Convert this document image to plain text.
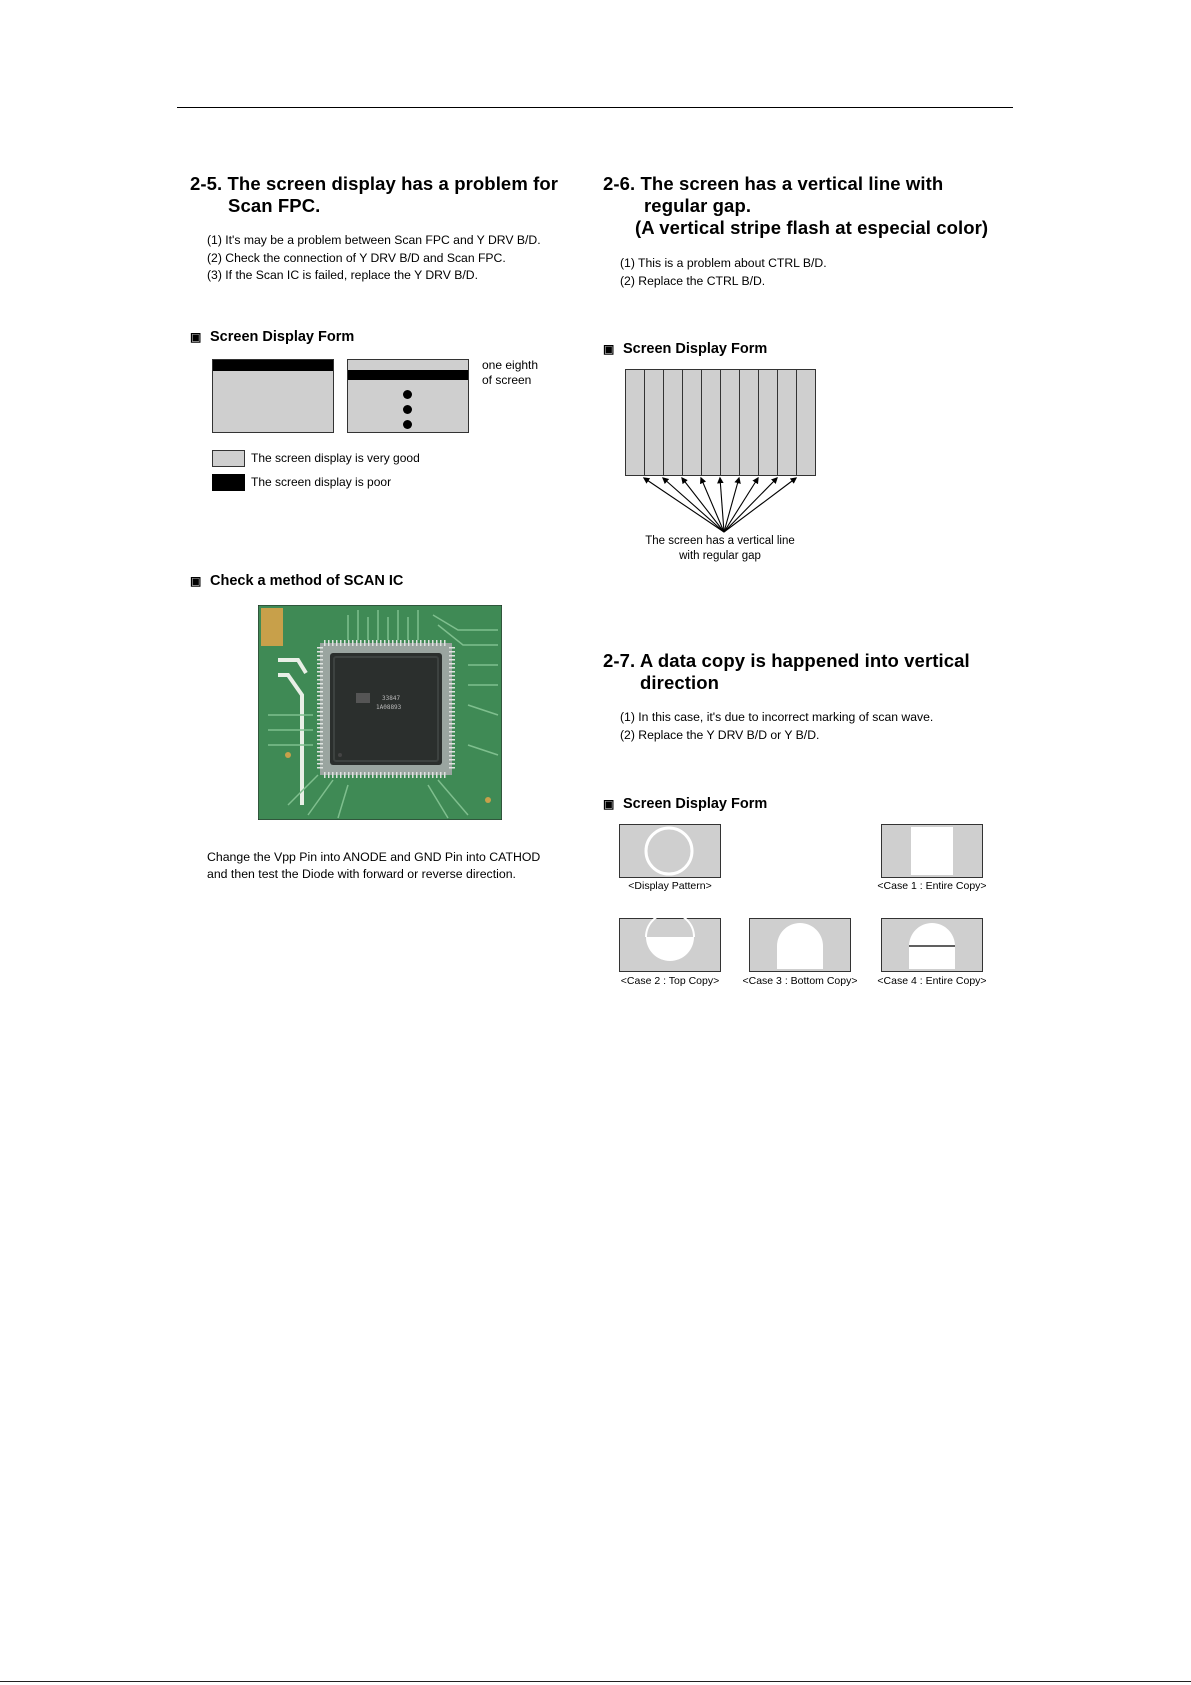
2-5. The screen display has a problem for
Scan FPC.
(1) It's may be a problem between Scan FPC and Y DRV B/D.
(2) Check the connection of Y DRV B/D and Scan FPC.
(3) If the Scan IC is failed, replace the Y DRV B/D.
▣ Screen Display Form
one eighth
of screen
The screen display is very good
The screen display is poor
▣ Check a method of SCAN IC
33847
1A08893
Change the Vpp Pin into ANODE and GND Pin into CATHOD
and then test the Diode with forward or reverse direction.
2-6. The screen has a vertical line with
regular gap.
(A vertical stripe flash at especial color)
(1) This is a problem about CTRL B/D.
(2) Replace the CTRL B/D.
▣ Screen Display Form
The screen has a vertical line
with regular gap
2-7. A data copy is happened into vertical
direction
(1) In this case, it's due to incorrect marking of scan wave.
(2) Replace the Y DRV B/D or Y B/D.
▣ Screen Display Form
<Display Pattern>	<Case 1 : Entire Copy>
<Case 2 : Top Copy>	<Case 3 : Bottom Copy>	<Case 4 : Entire Copy>
